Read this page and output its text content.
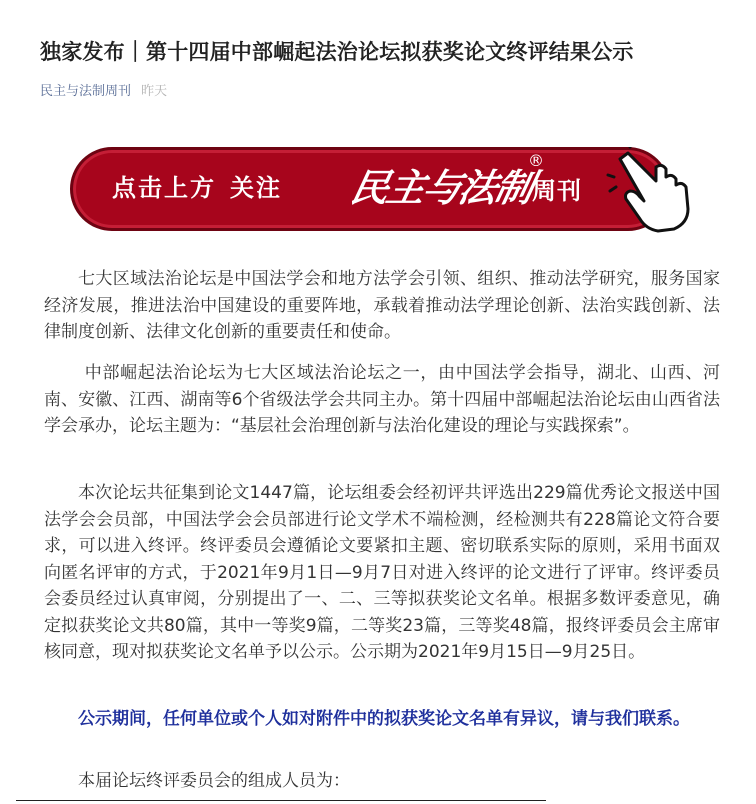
独家发布｜第十四届中部崛起法治论坛拟获奖论文终评结果公示
民主与法制周刊 昨天
点击上方 关注 民主与法制
®
周刊

七大区域法治论坛是中国法学会和地方法学会引领、组织、推动法学研究，服务国家经济发展，推进法治中国建设的重要阵地，承载着推动法学理论创新、法治实践创新、法律制度创新、法律文化创新的重要责任和使命。

中部崛起法治论坛为七大区域法治论坛之一，由中国法学会指导，湖北、山西、河南、安徽、江西、湖南等6个省级法学会共同主办。第十四届中部崛起法治论坛由山西省法学会承办，论坛主题为：“基层社会治理创新与法治化建设的理论与实践探索”。

本次论坛共征集到论文1447篇，论坛组委会经初评共评选出229篇优秀论文报送中国法学会会员部，中国法学会会员部进行论文学术不端检测，经检测共有228篇论文符合要求，可以进入终评。终评委员会遵循论文要紧扣主题、密切联系实际的原则，采用书面双向匿名评审的方式，于2021年9月1日—9月7日对进入终评的论文进行了评审。终评委员会委员经过认真审阅，分别提出了一、二、三等拟获奖论文名单。根据多数评委意见，确定拟获奖论文共80篇，其中一等奖9篇，二等奖23篇，三等奖48篇，报终评委员会主席审核同意，现对拟获奖论文名单予以公示。公示期为2021年9月15日—9月25日。

公示期间，任何单位或个人如对附件中的拟获奖论文名单有异议，请与我们联系。

本届论坛终评委员会的组成人员为：
